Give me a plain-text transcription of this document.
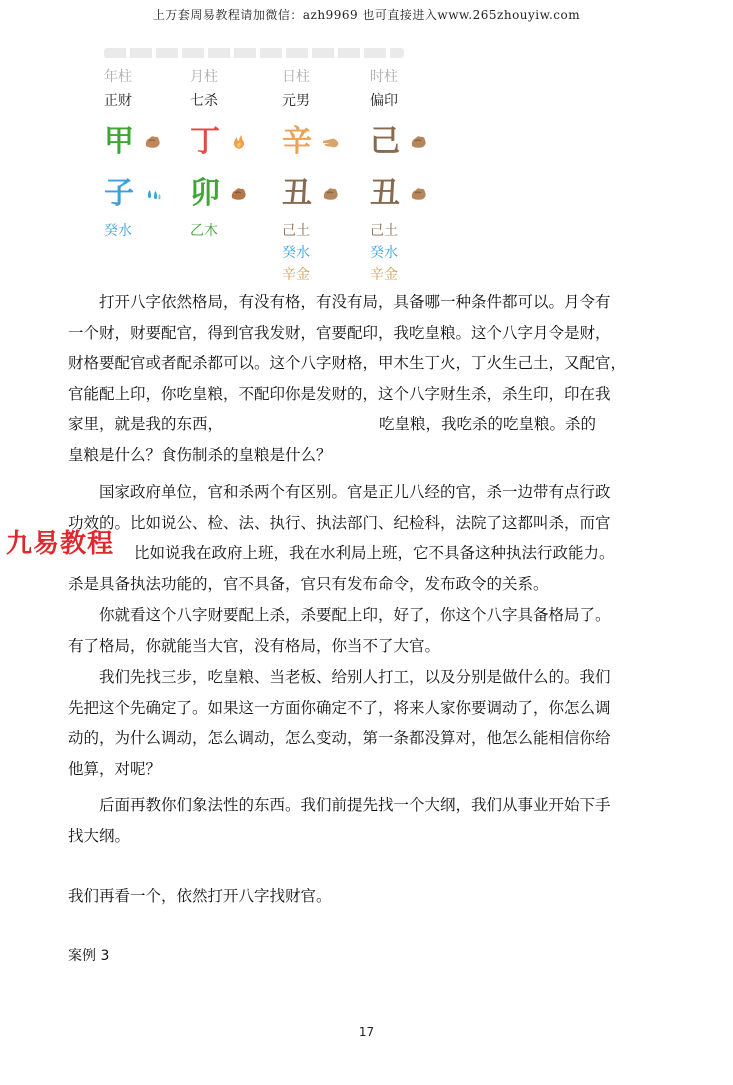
上万套周易教程请加微信：azh9969 也可直接进入www.265zhouyiw.com
年柱
正财
甲
子
癸水
月柱
七杀
丁
卯
乙木
日柱
元男
辛
丑
己土
癸水
辛金
时柱
偏印
己
丑
己土
癸水
辛金
打开八字依然格局，有没有格，有没有局，具备哪一种条件都可以。月令有
一个财，财要配官，得到官我发财，官要配印，我吃皇粮。这个八字月令是财，
财格要配官或者配杀都可以。这个八字财格，甲木生丁火，丁火生己土，又配官，
官能配上印，你吃皇粮，不配印你是发财的，这个八字财生杀，杀生印，印在我
家里，就是我的东西，	吃皇粮，我吃杀的吃皇粮。杀的
皇粮是什么？食伤制杀的皇粮是什么？
国家政府单位，官和杀两个有区别。官是正儿八经的官，杀一边带有点行政
功效的。比如说公、检、法、执行、执法部门、纪检科，法院了这都叫杀，而官
比如说我在政府上班，我在水利局上班，它不具备这种执法行政能力。
杀是具备执法功能的，官不具备，官只有发布命令，发布政令的关系。
九易教程
你就看这个八字财要配上杀，杀要配上印，好了，你这个八字具备格局了。
有了格局，你就能当大官，没有格局，你当不了大官。
我们先找三步，吃皇粮、当老板、给别人打工，以及分别是做什么的。我们
先把这个先确定了。如果这一方面你确定不了，将来人家你要调动了，你怎么调
动的，为什么调动，怎么调动，怎么变动，第一条都没算对，他怎么能相信你给
他算，对呢？
后面再教你们象法性的东西。我们前提先找一个大纲，我们从事业开始下手
找大纲。
我们再看一个，依然打开八字找财官。
案例 3
17
